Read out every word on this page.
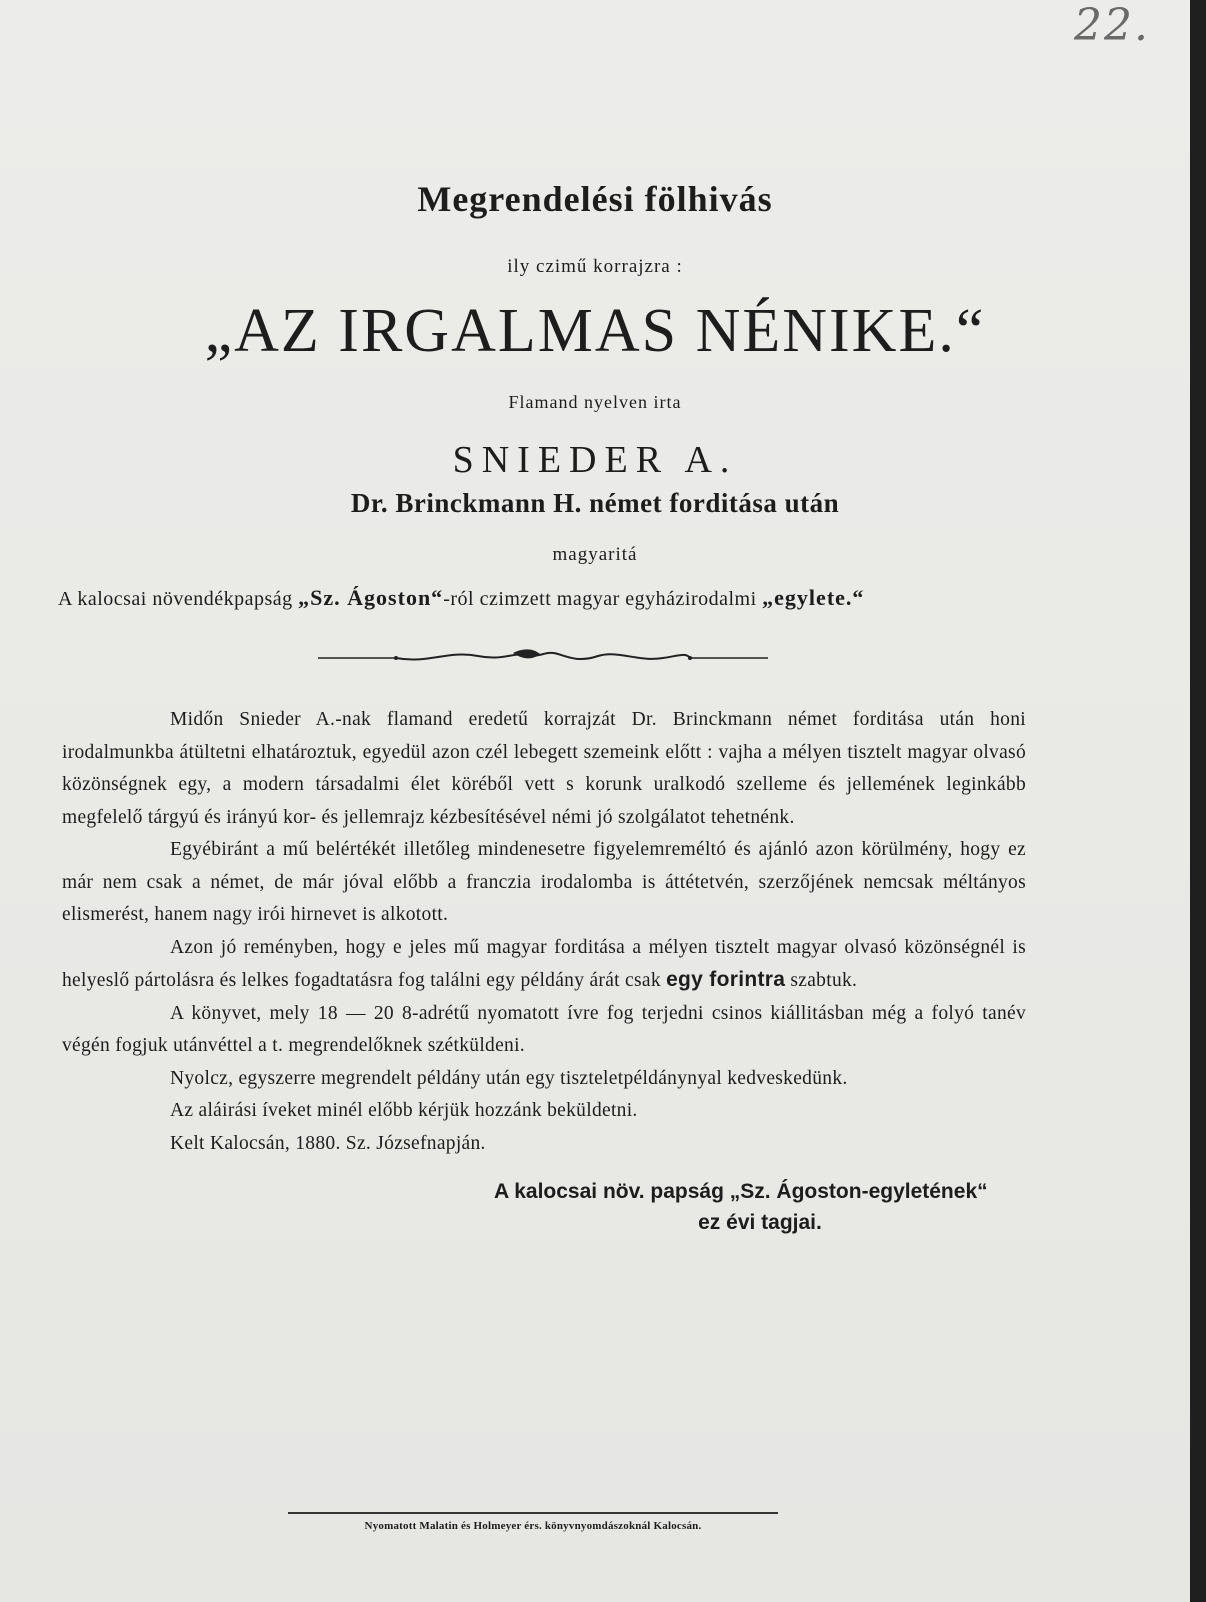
22.
Megrendelési fölhivás
ily czimű korrajzra :
„AZ IRGALMAS NÉNIKE.“
Flamand nyelven irta
SNIEDER A.
Dr. Brinckmann H. német forditása után
magyaritá
A kalocsai növendékpapság „Sz. Ágoston“-ról czimzett magyar egyházirodalmi „egylete.“

Midőn Snieder A.-nak flamand eredetű korrajzát Dr. Brinckmann német forditása után honi irodalmunkba átültetni elhatároztuk, egyedül azon czél lebegett szemeink előtt : vajha a mélyen tisztelt magyar olvasó közönségnek egy, a modern társadalmi élet köréből vett s korunk uralkodó szelleme és jellemének leginkább megfelelő tárgyú és irányú kor- és jellemrajz kézbesítésével némi jó szolgálatot tehetnénk.

Egyébiránt a mű belértékét illetőleg mindenesetre figyelemreméltó és ajánló azon körülmény, hogy ez már nem csak a német, de már jóval előbb a franczia irodalomba is áttétetvén, szerzőjének nemcsak méltányos elismerést, hanem nagy irói hirnevet is alkotott.

Azon jó reményben, hogy e jeles mű magyar forditása a mélyen tisztelt magyar olvasó közönségnél is helyeslő pártolásra és lelkes fogadtatásra fog találni egy példány árát csak egy forintra szabtuk.

A könyvet, mely 18 — 20 8-adrétű nyomatott ívre fog terjedni csinos kiállitásban még a folyó tanév végén fogjuk utánvéttel a t. megrendelőknek szétküldeni.

Nyolcz, egyszerre megrendelt példány után egy tiszteletpéldánynyal kedveskedünk.

Az aláirási íveket minél előbb kérjük hozzánk beküldetni.

Kelt Kalocsán, 1880. Sz. Józsefnapján.

A kalocsai növ. papság „Sz. Ágoston-egyletének“
ez évi tagjai.
Nyomatott Malatin és Holmeyer érs. könyvnyomdászoknál Kalocsán.
